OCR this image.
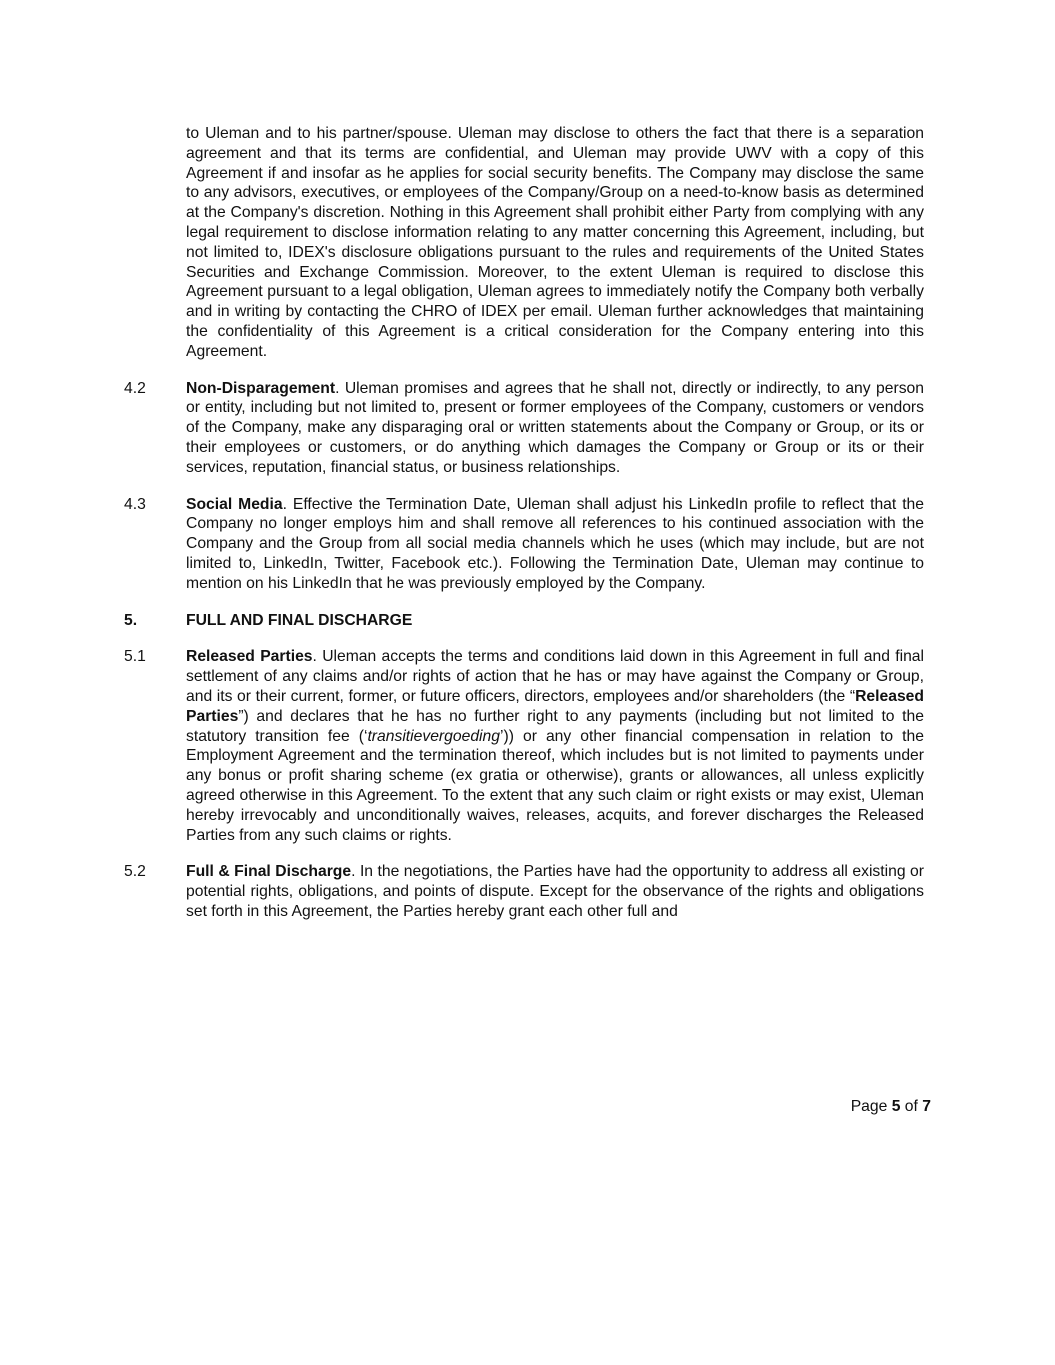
to Uleman and to his partner/spouse. Uleman may disclose to others the fact that there is a separation agreement and that its terms are confidential, and Uleman may provide UWV with a copy of this Agreement if and insofar as he applies for social security benefits. The Company may disclose the same to any advisors, executives, or employees of the Company/Group on a need-to-know basis as determined at the Company's discretion. Nothing in this Agreement shall prohibit either Party from complying with any legal requirement to disclose information relating to any matter concerning this Agreement, including, but not limited to, IDEX's disclosure obligations pursuant to the rules and requirements of the United States Securities and Exchange Commission. Moreover, to the extent Uleman is required to disclose this Agreement pursuant to a legal obligation, Uleman agrees to immediately notify the Company both verbally and in writing by contacting the CHRO of IDEX per email. Uleman further acknowledges that maintaining the confidentiality of this Agreement is a critical consideration for the Company entering into this Agreement.
4.2	Non-Disparagement. Uleman promises and agrees that he shall not, directly or indirectly, to any person or entity, including but not limited to, present or former employees of the Company, customers or vendors of the Company, make any disparaging oral or written statements about the Company or Group, or its or their employees or customers, or do anything which damages the Company or Group or its or their services, reputation, financial status, or business relationships.
4.3	Social Media. Effective the Termination Date, Uleman shall adjust his LinkedIn profile to reflect that the Company no longer employs him and shall remove all references to his continued association with the Company and the Group from all social media channels which he uses (which may include, but are not limited to, LinkedIn, Twitter, Facebook etc.). Following the Termination Date, Uleman may continue to mention on his LinkedIn that he was previously employed by the Company.
5.	FULL AND FINAL DISCHARGE
5.1	Released Parties. Uleman accepts the terms and conditions laid down in this Agreement in full and final settlement of any claims and/or rights of action that he has or may have against the Company or Group, and its or their current, former, or future officers, directors, employees and/or shareholders (the “Released Parties”) and declares that he has no further right to any payments (including but not limited to the statutory transition fee (‘transitievergoeding’)) or any other financial compensation in relation to the Employment Agreement and the termination thereof, which includes but is not limited to payments under any bonus or profit sharing scheme (ex gratia or otherwise), grants or allowances, all unless explicitly agreed otherwise in this Agreement. To the extent that any such claim or right exists or may exist, Uleman hereby irrevocably and unconditionally waives, releases, acquits, and forever discharges the Released Parties from any such claims or rights.
5.2	Full & Final Discharge. In the negotiations, the Parties have had the opportunity to address all existing or potential rights, obligations, and points of dispute. Except for the observance of the rights and obligations set forth in this Agreement, the Parties hereby grant each other full and
Page 5 of 7
